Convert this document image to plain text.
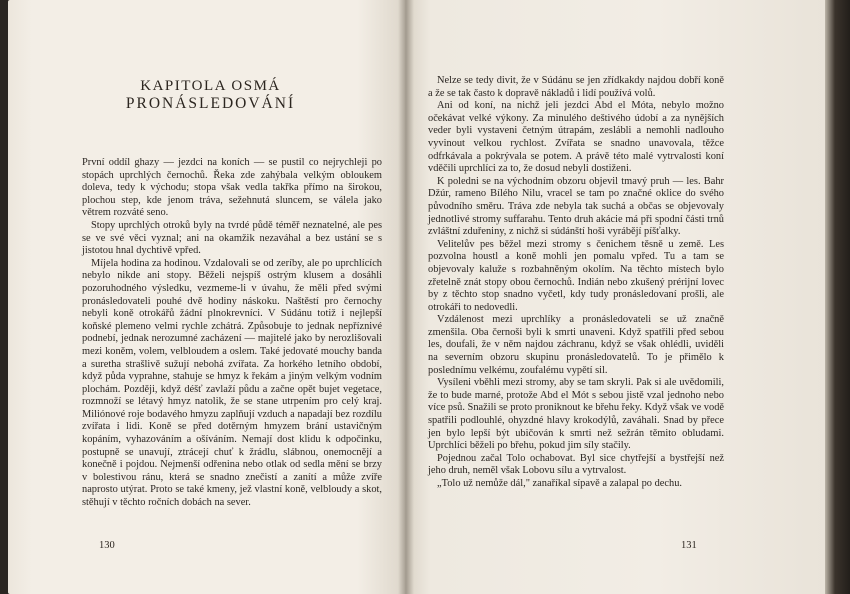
KAPITOLA OSMÁ
PRONÁSLEDOVÁNÍ

První oddíl ghazy — jezdci na koních — se pustil co nejrychleji po stopách uprchlých černochů. Řeka zde zahýbala velkým obloukem doleva, tedy k východu; stopa však vedla takřka přímo na širokou, plochou step, kde jenom tráva, sežehnutá sluncem, se válela jako větrem rozváté seno.

Stopy uprchlých otroků byly na tvrdé půdě téměř neznatelné, ale pes se ve své věci vyznal; ani na okamžik nezaváhal a bez ustání se s jistotou hnal dychtivě vpřed.

Míjela hodina za hodinou. Vzdalovali se od zeríby, ale po uprchlících nebylo nikde ani stopy. Běželi nejspíš ostrým klusem a dosáhli pozoruhodného výsledku, vezmeme-li v úvahu, že měli před svými pronásledovateli pouhé dvě hodiny náskoku. Naštěstí pro černochy nebyli koně otrokářů žádní plnokrevníci. V Súdánu totiž i nejlepší koňské plemeno velmi rychle zchátrá. Způsobuje to jednak nepříznivé podnebí, jednak nerozumné zacházení — majitelé jako by nerozlišovali mezi koněm, volem, velbloudem a oslem. Také jedovaté mouchy banda a suretha strašlivě sužují nebohá zvířata. Za horkého letního období, když půda vyprahne, stahuje se hmyz k řekám a jiným velkým vodním plochám. Později, když déšť zavlaží půdu a začne opět bujet vegetace, rozmnoží se létavý hmyz natolik, že se stane utrpením pro celý kraj. Miliónové roje bodavého hmyzu zaplňují vzduch a napadají bez rozdílu zvířata i lidi. Koně se před dotěrným hmyzem brání ustavičným kopáním, vyhazováním a ošíváním. Nemají dost klidu k odpočinku, postupně se unavují, ztrácejí chuť k žrádlu, slábnou, onemocnějí a konečně i pojdou. Nejmenší odřenina nebo otlak od sedla mění se brzy v bolestivou ránu, která se snadno znečistí a zanítí a může zvíře naprosto utýrat. Proto se také kmeny, jež vlastní koně, velbloudy a skot, stěhují v těchto ročních dobách na sever.

Nelze se tedy divit, že v Súdánu se jen zřídkakdy najdou dobří koně a že se tak často k dopravě nákladů i lidí používá volů.

Ani od koní, na nichž jeli jezdci Abd el Móta, nebylo možno očekávat velké výkony. Za minulého deštivého údobí a za nynějších veder byli vystaveni četným útrapám, zeslábli a nemohli nadlouho vyvinout velkou rychlost. Zvířata se snadno unavovala, těžce odfrkávala a pokrývala se potem. A právě této malé vytrvalosti koní vděčili uprchlíci za to, že dosud nebyli dostiženi.

K poledni se na východním obzoru objevil tmavý pruh — les. Bahr Džúr, rameno Bílého Nilu, vracel se tam po značné oklice do svého původního směru. Tráva zde nebyla tak suchá a občas se objevovaly jednotlivé stromy suffarahu. Tento druh akácie má při spodní části trnů zvláštní zduřeniny, z nichž si súdánští hoši vyrábějí píšťalky.

Velitelův pes běžel mezi stromy s čenichem těsně u země. Les pozvolna houstl a koně mohli jen pomalu vpřed. Tu a tam se objevovaly kaluže s rozbahněným okolím. Na těchto místech bylo zřetelně znát stopy obou černochů. Indián nebo zkušený prérijní lovec by z těchto stop snadno vyčetl, kdy tudy pronásledovaní prošli, ale otrokáři to nedovedli.

Vzdálenost mezi uprchlíky a pronásledovateli se už značně zmenšila. Oba černoši byli k smrti unaveni. Když spatřili před sebou les, doufali, že v něm najdou záchranu, když se však ohlédli, uviděli na severním obzoru skupinu pronásledovatelů. To je přimělo k poslednímu velkému, zoufalému vypětí sil.

Vysíleni vběhli mezi stromy, aby se tam skryli. Pak si ale uvědomili, že to bude marné, protože Abd el Mót s sebou jistě vzal jednoho nebo více psů. Snažili se proto proniknout ke břehu řeky. Když však ve vodě spatřili podlouhlé, ohyzdné hlavy krokodýlů, zaváhali. Snad by přece jen bylo lepší být ubičován k smrti než sežrán těmito obludami. Uprchlíci běželi po břehu, pokud jim síly stačily.

Pojednou začal Tolo ochabovat. Byl sice chytřejší a bystřejší než jeho druh, neměl však Lobovu sílu a vytrvalost.

„Tolo už nemůže dál," zanaříkal sípavě a zalapal po dechu.

130	131
